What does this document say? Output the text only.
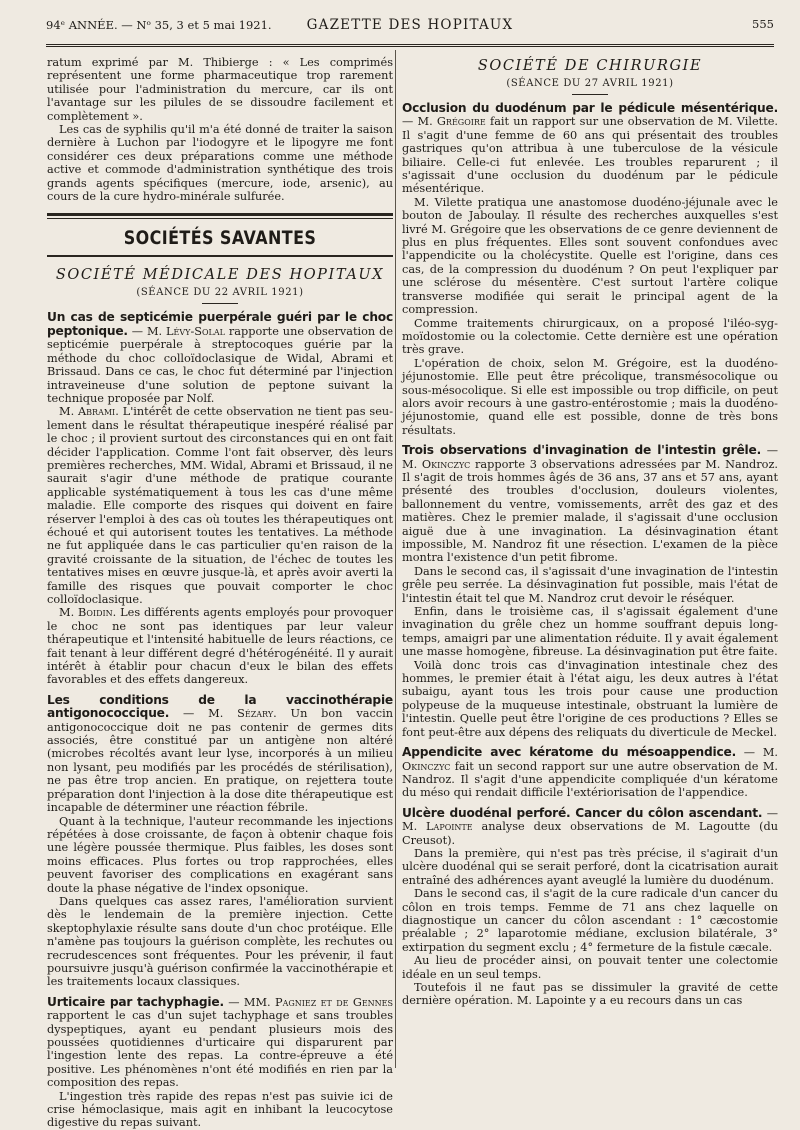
94ᵉ ANNÉE. — Nᵒ 35, 3 et 5 mai 1921.	GAZETTE DES HOPITAUX	555

ratum exprimé par M. Thibierge : « Les comprimés représentent une forme pharmaceutique trop rarement utilisée pour l'administration du mercure, car ils ont l'avantage sur les pilules de se dissoudre facilement et complètement ».

Les cas de syphilis qu'il m'a été donné de traiter la saison dernière à Luchon par l'iodogyre et le lipogyre me font considérer ces deux préparations comme une méthode active et commode d'administration synthétique des trois grands agents spécifiques (mercure, iode, arsenic), au cours de la cure hydro-minérale sulfurée.

SOCIÉTÉS SAVANTES
SOCIÉTÉ MÉDICALE DES HOPITAUX
(SÉANCE DU 22 AVRIL 1921)

Un cas de septicémie puerpérale guéri par le choc peptonique. — M. Lévy-Solal rapporte une observation de septicémie puerpérale à streptocoques guérie par la méthode du choc colloïdoclasique de Widal, Abrami et Brissaud. Dans ce cas, le choc fut déterminé par l'injection intraveineuse d'une solution de peptone suivant la technique proposée par Nolf.

M. Abrami. L'intérêt de cette observation ne tient pas seulement dans le résultat thérapeutique inespéré réalisé par le choc ; il provient surtout des circonstances qui en ont fait décider l'application. Comme l'ont fait observer, dès leurs premières recherches, MM. Widal, Abrami et Brissaud, il ne saurait s'agir d'une méthode de pratique courante applicable systématiquement à tous les cas d'une même maladie. Elle comporte des risques qui doivent en faire réserver l'emploi à des cas où toutes les thérapeutiques ont échoué et qui autorisent toutes les tentatives. La méthode ne fut appliquée dans le cas particulier qu'en raison de la gravité croissante de la situation, de l'échec de toutes les tentatives mises en œuvre jusque-là, et après avoir averti la famille des risques que pouvait comporter le choc colloïdoclasique.

M. Boidin. Les différents agents employés pour provoquer le choc ne sont pas identiques par leur valeur thérapeutique et l'intensité habituelle de leurs réactions, ce fait tenant à leur différent degré d'hétérogénéité. Il y aurait intérêt à établir pour chacun d'eux le bilan des effets favorables et des effets dangereux.

Les conditions de la vaccinothérapie antigonococcique. — M. Sézary. Un bon vaccin antigonococcique doit ne pas contenir de germes dits associés, être constitué par un antigène non altéré (microbes récoltés avant leur lyse, incorporés à un milieu non lysant, peu modifiés par les procédés de stérilisation), ne pas être trop ancien. En pratique, on rejettera toute préparation dont l'injection à la dose dite thérapeutique est incapable de déterminer une réaction fébrile.

Quant à la technique, l'auteur recommande les injections répétées à dose croissante, de façon à obtenir chaque fois une légère poussée thermique. Plus faibles, les doses sont moins efficaces. Plus fortes ou trop rapprochées, elles peuvent favoriser des complications en exagérant sans doute la phase négative de l'index opsonique.

Dans quelques cas assez rares, l'amélioration survient dès le lendemain de la première injection. Cette skeptophylaxie résulte sans doute d'un choc protéique. Elle n'amène pas toujours la guérison complète, les rechutes ou recrudescences sont fréquentes. Pour les prévenir, il faut poursuivre jusqu'à guérison confirmée la vaccinothérapie et les traitements locaux classiques.

Urticaire par tachyphagie. — MM. Pagniez et de Gennes rapportent le cas d'un sujet tachyphage et sans troubles dyspeptiques, ayant eu pendant plusieurs mois des poussées quotidiennes d'urticaire qui disparurent par l'ingestion lente des repas. La contre-épreuve a été positive. Les phénomènes n'ont été modifiés en rien par la composition des repas.

L'ingestion très rapide des repas n'est pas suivie ici de crise hémoclasique, mais agit en inhibant la leucocytose digestive du repas suivant.

SOCIÉTÉ DE CHIRURGIE
(SÉANCE DU 27 AVRIL 1921)

Occlusion du duodénum par le pédicule mésentérique. — M. Grégoire fait un rapport sur une observation de M. Vilette. Il s'agit d'une femme de 60 ans qui présentait des troubles gastriques qu'on attribua à une tuberculose de la vésicule biliaire. Celle-ci fut enlevée. Les troubles reparurent ; il s'agissait d'une occlusion du duodénum par le pédicule mésentérique.

M. Vilette pratiqua une anastomose duodéno-jéjunale avec le bouton de Jaboulay. Il résulte des recherches auxquelles s'est livré M. Grégoire que les observations de ce genre deviennent de plus en plus fréquentes. Elles sont souvent confondues avec l'appendicite ou la cholécystite. Quelle est l'origine, dans ces cas, de la compression du duodénum ? On peut l'expliquer par une sclérose du mésentère. C'est surtout l'artère colique transverse modifiée qui serait le principal agent de la compression.

Comme traitements chirurgicaux, on a proposé l'iléo-sygmoïdostomie ou la colectomie. Cette dernière est une opération très grave.

L'opération de choix, selon M. Grégoire, est la duodéno-jéjunostomie. Elle peut être précolique, transmésocolique ou sous-mésocolique. Si elle est impossible ou trop difficile, on peut alors avoir recours à une gastro-entérostomie ; mais la duodéno-jéjunostomie, quand elle est possible, donne de très bons résultats.

Trois observations d'invagination de l'intestin grêle. — M. Okinczyc rapporte 3 observations adressées par M. Nandroz. Il s'agit de trois hommes âgés de 36 ans, 37 ans et 57 ans, ayant présenté des troubles d'occlusion, douleurs violentes, ballonnement du ventre, vomissements, arrêt des gaz et des matières. Chez le premier malade, il s'agissait d'une occlusion aiguë due à une invagination. La désinvagination étant impossible, M. Nandroz fit une résection. L'examen de la pièce montra l'existence d'un petit fibrome.

Dans le second cas, il s'agissait d'une invagination de l'intestin grêle peu serrée. La désinvagination fut possible, mais l'état de l'intestin était tel que M. Nandroz crut devoir le réséquer.

Enfin, dans le troisième cas, il s'agissait également d'une invagination du grêle chez un homme souffrant depuis longtemps, amaigri par une alimentation réduite. Il y avait également une masse homogène, fibreuse. La désinvagination put être faite.

Voilà donc trois cas d'invagination intestinale chez des hommes, le premier était à l'état aigu, les deux autres à l'état subaigu, ayant tous les trois pour cause une production polypeuse de la muqueuse intestinale, obstruant la lumière de l'intestin. Quelle peut être l'origine de ces productions ? Elles se font peut-être aux dépens des reliquats du diverticule de Meckel.

Appendicite avec kératome du mésoappendice. — M. Okinczyc fait un second rapport sur une autre observation de M. Nandroz. Il s'agit d'une appendicite compliquée d'un kératome du méso qui rendait difficile l'extériorisation de l'appendice.

Ulcère duodénal perforé. Cancer du côlon ascendant. — M. Lapointe analyse deux observations de M. Lagoutte (du Creusot).

Dans la première, qui n'est pas très précise, il s'agirait d'un ulcère duodénal qui se serait perforé, dont la cicatrisation aurait entraîné des adhérences ayant aveuglé la lumière du duodénum.

Dans le second cas, il s'agit de la cure radicale d'un cancer du côlon en trois temps. Femme de 71 ans chez laquelle on diagnostique un cancer du côlon ascendant : 1° cæcostomie préalable ; 2° laparotomie médiane, exclusion bilatérale, 3° extirpation du segment exclu ; 4° fermeture de la fistule cæcale.

Au lieu de procéder ainsi, on pouvait tenter une colectomie idéale en un seul temps.

Toutefois il ne faut pas se dissimuler la gravité de cette dernière opération. M. Lapointe y a eu recours dans un cas
